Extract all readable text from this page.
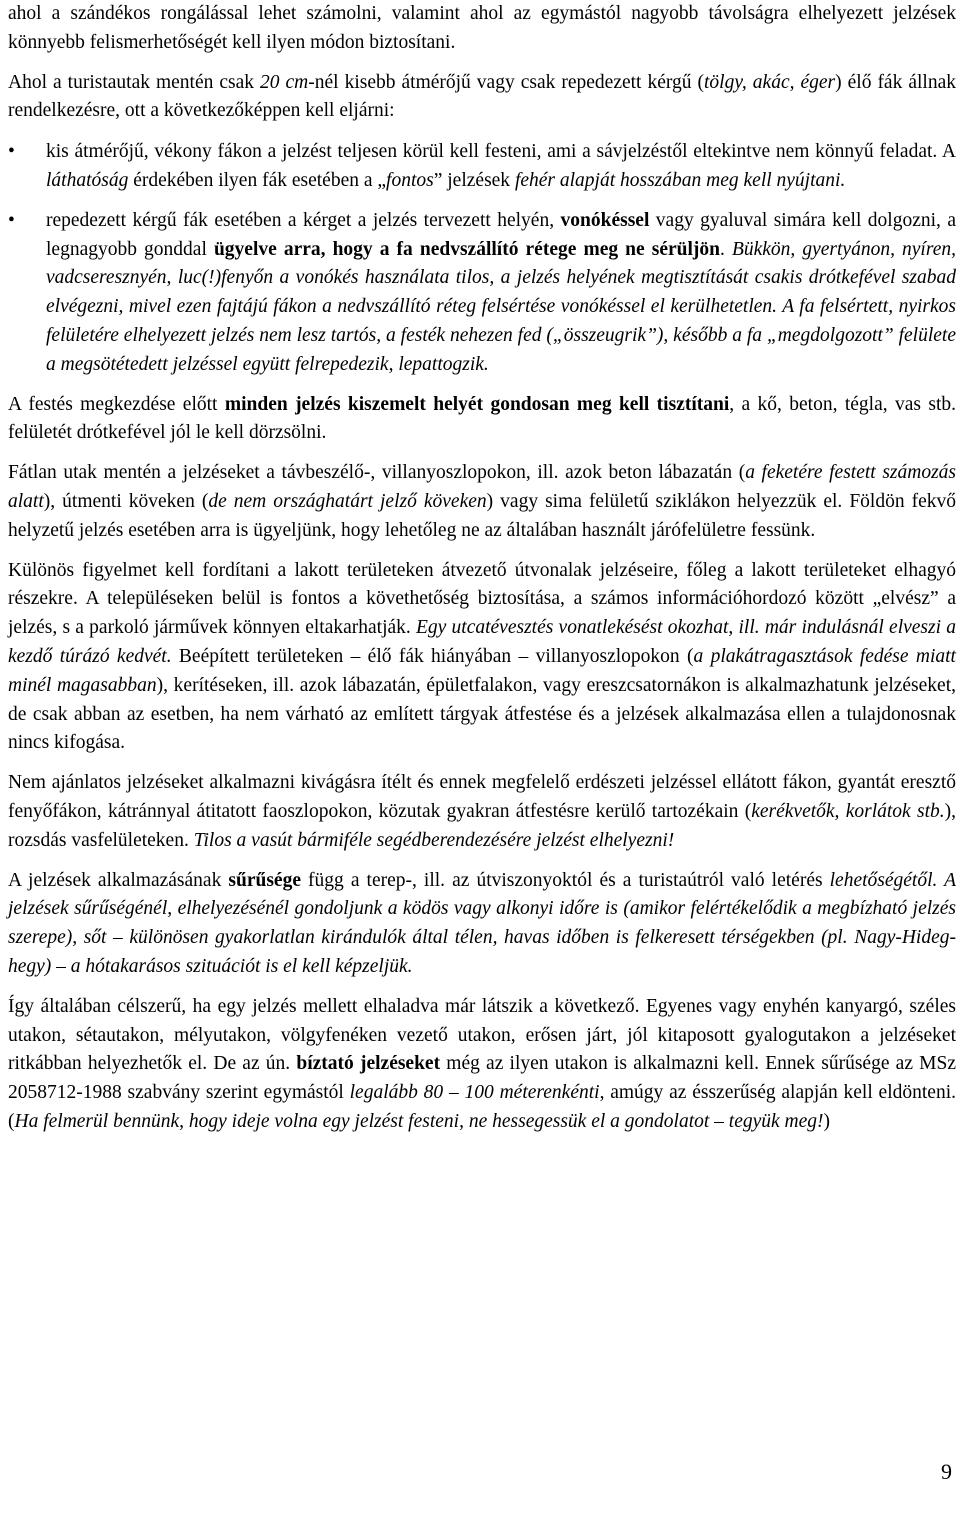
ahol a szándékos rongálással lehet számolni, valamint ahol az egymástól nagyobb távolságra elhelyezett jelzések könnyebb felismerhetőségét kell ilyen módon biztosítani.

Ahol a turistautak mentén csak 20 cm-nél kisebb átmérőjű vagy csak repedezett kérgű (tölgy, akác, éger) élő fák állnak rendelkezésre, ott a következőképpen kell eljárni:

• kis átmérőjű, vékony fákon a jelzést teljesen körül kell festeni, ami a sávjelzéstől eltekintve nem könnyű feladat. A láthatóság érdekében ilyen fák esetében a „fontos” jelzések fehér alapját hosszában meg kell nyújtani.
• repedezett kérgű fák esetében a kérget a jelzés tervezett helyén, vonókéssel vagy gyaluval simára kell dolgozni, a legnagyobb gonddal ügyelve arra, hogy a fa nedvszállító rétege meg ne sérüljön. Bükkön, gyertyánon, nyíren, vadcseresznyén, luc(!)fenyőn a vonókés használata tilos, a jelzés helyének megtisztítását csakis drótkefével szabad elvégezni, mivel ezen fajtájú fákon a nedvszállító réteg felsértése vonókéssel el kerülhetetlen. A fa felsértett, nyirkos felületére elhelyezett jelzés nem lesz tartós, a festék nehezen fed („összeugrik”), később a fa „megdolgozott” felülete a megsötétedett jelzéssel együtt felrepedezik, lepattogzik.

A festés megkezdése előtt minden jelzés kiszemelt helyét gondosan meg kell tisztítani, a kő, beton, tégla, vas stb. felületét drótkefével jól le kell dörzsölni.

Fátlan utak mentén a jelzéseket a távbeszélő-, villanyoszlopokon, ill. azok beton lábazatán (a feketére festett számozás alatt), útmenti köveken (de nem országhatárt jelző köveken) vagy sima felületű sziklákon helyezzük el. Földön fekvő helyzetű jelzés esetében arra is ügyeljünk, hogy lehetőleg ne az általában használt járófelületre fessünk.

Különös figyelmet kell fordítani a lakott területeken átvezető útvonalak jelzéseire, főleg a lakott területeket elhagyó részekre. A településeken belül is fontos a követhetőség biztosítása, a számos információhordozó között „elvész” a jelzés, s a parkoló járművek könnyen eltakarhatják. Egy utcatévesztés vonatlekésést okozhat, ill. már indulásnál elveszi a kezdő túrázó kedvét. Beépített területeken – élő fák hiányában – villanyoszlopokon (a plakátragasztások fedése miatt minél magasabban), kerítéseken, ill. azok lábazatán, épületfalakon, vagy ereszcsatornákon is alkalmazhatunk jelzéseket, de csak abban az esetben, ha nem várható az említett tárgyak átfestése és a jelzések alkalmazása ellen a tulajdonosnak nincs kifogása.

Nem ajánlatos jelzéseket alkalmazni kivágásra ítélt és ennek megfelelő erdészeti jelzéssel ellátott fákon, gyantát eresztő fenyőfákon, kátránnyal átitatott faoszlopokon, közutak gyakran átfestésre kerülő tartozékain (kerékvetők, korlátok stb.), rozsdás vasfelületeken. Tilos a vasút bármiféle segédberendezésére jelzést elhelyezni!

A jelzések alkalmazásának sűrűsége függ a terep-, ill. az útviszonyoktól és a turistaútról való letérés lehetőségétől. A jelzések sűrűségénél, elhelyezésénél gondoljunk a ködös vagy alkonyi időre is (amikor felértékelődik a megbízható jelzés szerepe), sőt – különösen gyakorlatlan kirándulók által télen, havas időben is felkeresett térségekben (pl. Nagy-Hideg-hegy) – a hótakarásos szituációt is el kell képzeljük.

Így általában célszerű, ha egy jelzés mellett elhaladva már látszik a következő. Egyenes vagy enyhén kanyargó, széles utakon, sétautakon, mélyutakon, völgyfenéken vezető utakon, erősen járt, jól kitaposott gyalogutakon a jelzéseket ritkábban helyezhetők el. De az ún. bíztató jelzéseket még az ilyen utakon is alkalmazni kell. Ennek sűrűsége az MSz 2058712-1988 szabvány szerint egymástól legalább 80 – 100 méterenkénti, amúgy az ésszerűség alapján kell eldönteni. (Ha felmerül bennünk, hogy ideje volna egy jelzést festeni, ne hessegessük el a gondolatot – tegyük meg!)

9
